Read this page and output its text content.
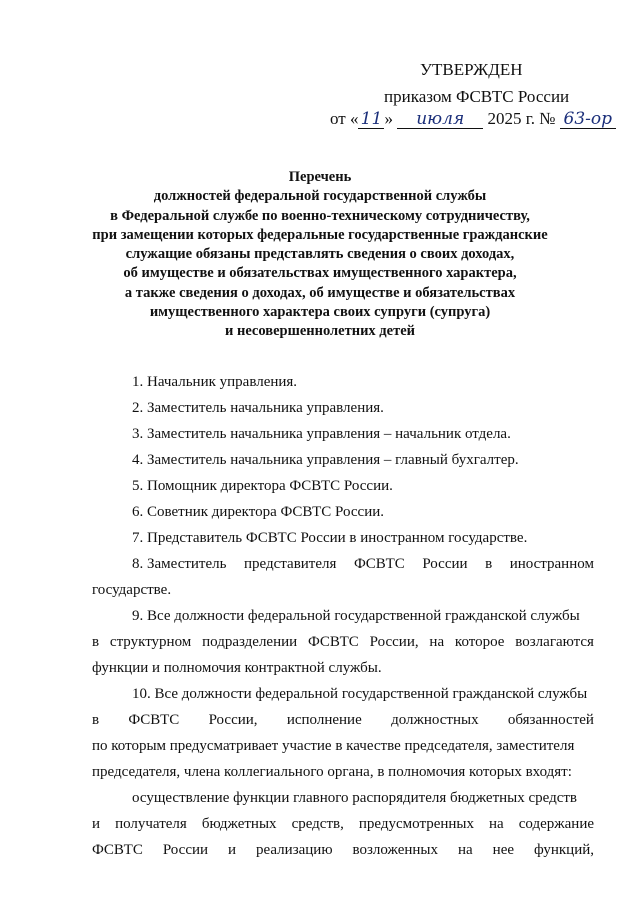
УТВЕРЖДЕН
приказом ФСВТС России
от « 11 » июля 2025 г. № 63-ор
Перечень
должностей федеральной государственной службы
в Федеральной службе по военно-техническому сотрудничеству,
при замещении которых федеральные государственные гражданские
служащие обязаны представлять сведения о своих доходах,
об имуществе и обязательствах имущественного характера,
а также сведения о доходах, об имуществе и обязательствах
имущественного характера своих супруги (супруга)
и несовершеннолетних детей
1. Начальник управления.
2. Заместитель начальника управления.
3. Заместитель начальника управления – начальник отдела.
4. Заместитель начальника управления – главный бухгалтер.
5. Помощник директора ФСВТС России.
6. Советник директора ФСВТС России.
7. Представитель ФСВТС России в иностранном государстве.
8. Заместитель представителя ФСВТС России в иностранном
государстве.
9. Все должности федеральной государственной гражданской службы
в структурном подразделении ФСВТС России, на которое возлагаются
функции и полномочия контрактной службы.
10. Все должности федеральной государственной гражданской службы
в ФСВТС России, исполнение должностных обязанностей
по которым предусматривает участие в качестве председателя, заместителя
председателя, члена коллегиального органа, в полномочия которых входят:
осуществление функции главного распорядителя бюджетных средств
и получателя бюджетных средств, предусмотренных на содержание
ФСВТС России и реализацию возложенных на нее функций,
